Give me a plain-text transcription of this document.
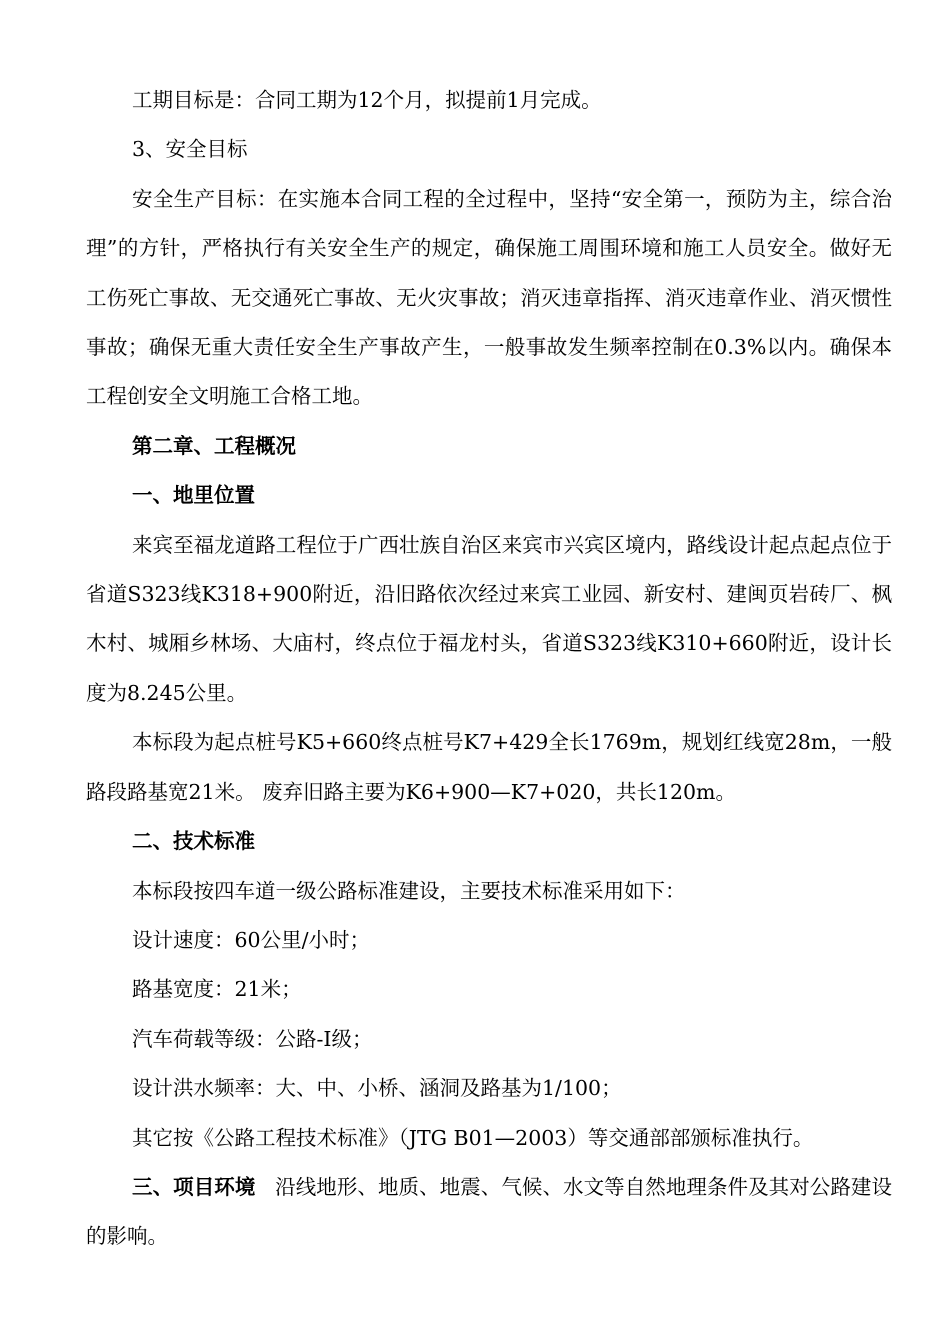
工期目标是：合同工期为12个月，拟提前1月完成。

3、安全目标

安全生产目标：在实施本合同工程的全过程中，坚持“安全第一，预防为主，综合治理”的方针，严格执行有关安全生产的规定，确保施工周围环境和施工人员安全。做好无工伤死亡事故、无交通死亡事故、无火灾事故；消灭违章指挥、消灭违章作业、消灭惯性事故；确保无重大责任安全生产事故产生，一般事故发生频率控制在0.3%以内。确保本工程创安全文明施工合格工地。

第二章、工程概况

一、地里位置

来宾至福龙道路工程位于广西壮族自治区来宾市兴宾区境内，路线设计起点起点位于省道S323线K318+900附近，沿旧路依次经过来宾工业园、新安村、建闽页岩砖厂、枫木村、城厢乡林场、大庙村，终点位于福龙村头，省道S323线K310+660附近，设计长度为8.245公里。

本标段为起点桩号K5+660终点桩号K7+429全长1769m，规划红线宽28m，一般路段路基宽21米。 废弃旧路主要为K6+900—K7+020，共长120m。

二、技术标准

本标段按四车道一级公路标准建设，主要技术标准采用如下：

设计速度：60公里/小时；

路基宽度：21米；

汽车荷载等级：公路-Ⅰ级；

设计洪水频率：大、中、小桥、涵洞及路基为1/100；

其它按《公路工程技术标准》（JTG B01—2003）等交通部部颁标准执行。

三、项目环境 沿线地形、地质、地震、气候、水文等自然地理条件及其对公路建设的影响。
